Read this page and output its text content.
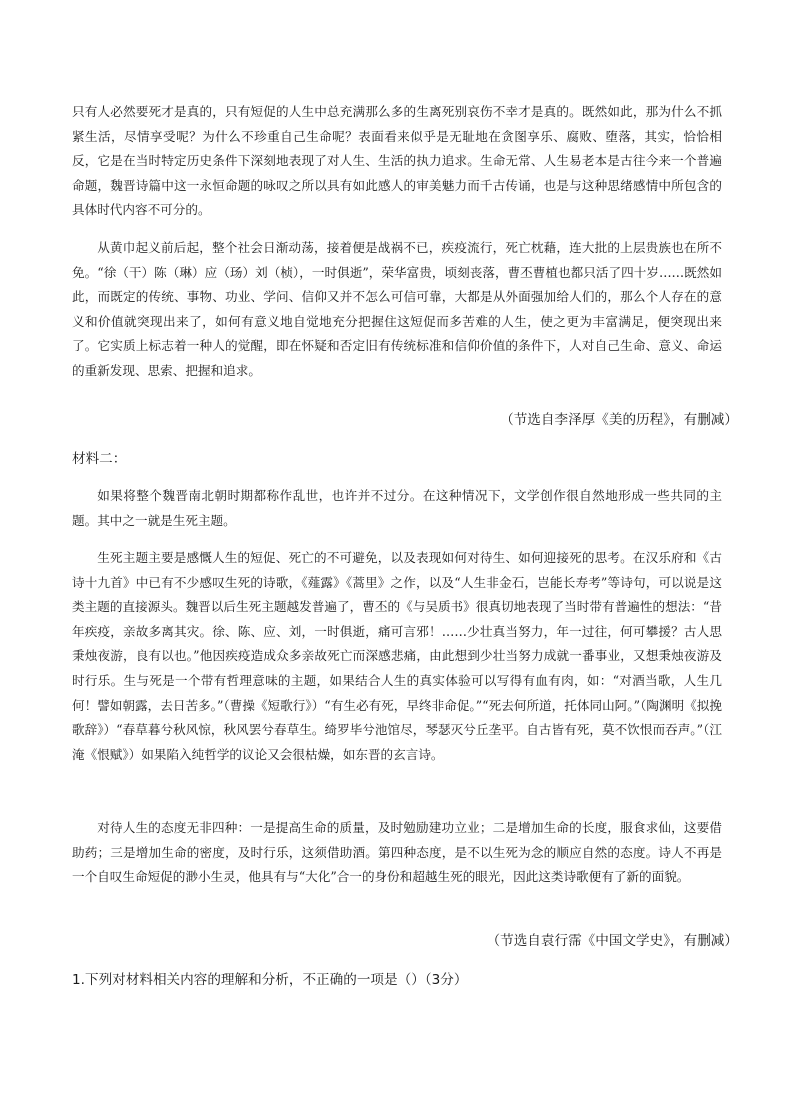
只有人必然要死才是真的，只有短促的人生中总充满那么多的生离死别哀伤不幸才是真的。既然如此，那为什么不抓紧生活，尽情享受呢？为什么不珍重自己生命呢？表面看来似乎是无耻地在贪图享乐、腐败、堕落，其实，恰恰相反，它是在当时特定历史条件下深刻地表现了对人生、生活的执力追求。生命无常、人生易老本是古往今来一个普遍命题，魏晋诗篇中这一永恒命题的咏叹之所以具有如此感人的审美魅力而千古传诵，也是与这种思绪感情中所包含的具体时代内容不可分的。

从黄巾起义前后起，整个社会日渐动荡，接着便是战祸不已，疾疫流行，死亡枕藉，连大批的上层贵族也在所不免。“徐（干）陈（琳）应（玚）刘（桢），一时俱逝”，荣华富贵，顷刻丧落，曹丕曹植也都只活了四十岁……既然如此，而既定的传统、事物、功业、学问、信仰又并不怎么可信可靠，大都是从外面强加给人们的，那么个人存在的意义和价值就突现出来了，如何有意义地自觉地充分把握住这短促而多苦难的人生，使之更为丰富满足，便突现出来了。它实质上标志着一种人的觉醒，即在怀疑和否定旧有传统标准和信仰价值的条件下，人对自己生命、意义、命运的重新发现、思索、把握和追求。

（节选自李泽厚《美的历程》，有删减）

材料二：

如果将整个魏晋南北朝时期都称作乱世，也许并不过分。在这种情况下，文学创作很自然地形成一些共同的主题。其中之一就是生死主题。

生死主题主要是感慨人生的短促、死亡的不可避免，以及表现如何对待生、如何迎接死的思考。在汉乐府和《古诗十九首》中已有不少感叹生死的诗歌，《薤露》《蒿里》之作，以及“人生非金石，岂能长寿考”等诗句，可以说是这类主题的直接源头。魏晋以后生死主题越发普遍了，曹丕的《与吴质书》很真切地表现了当时带有普遍性的想法：“昔年疾疫，亲故多离其灾。徐、陈、应、刘，一时俱逝，痛可言邪！……少壮真当努力，年一过往，何可攀援？古人思秉烛夜游，良有以也。”他因疾疫造成众多亲故死亡而深感悲痛，由此想到少壮当努力成就一番事业，又想秉烛夜游及时行乐。生与死是一个带有哲理意味的主题，如果结合人生的真实体验可以写得有血有肉，如：“对酒当歌，人生几何！譬如朝露，去日苦多。”（曹操《短歌行》）“有生必有死，早终非命促。”“死去何所道，托体同山阿。”（陶渊明《拟挽歌辞》）“春草暮兮秋风惊，秋风罢兮春草生。绮罗毕兮池馆尽，琴瑟灭兮丘垄平。自古皆有死，莫不饮恨而吞声。”（江淹《恨赋》）如果陷入纯哲学的议论又会很枯燥，如东晋的玄言诗。

对待人生的态度无非四种：一是提高生命的质量，及时勉励建功立业；二是增加生命的长度，服食求仙，这要借助药；三是增加生命的密度，及时行乐，这须借助酒。第四种态度，是不以生死为念的顺应自然的态度。诗人不再是一个自叹生命短促的渺小生灵，他具有与“大化”合一的身份和超越生死的眼光，因此这类诗歌便有了新的面貌。

（节选自袁行霈《中国文学史》，有删减）

1.下列对材料相关内容的理解和分析，不正确的一项是（）（3分）
